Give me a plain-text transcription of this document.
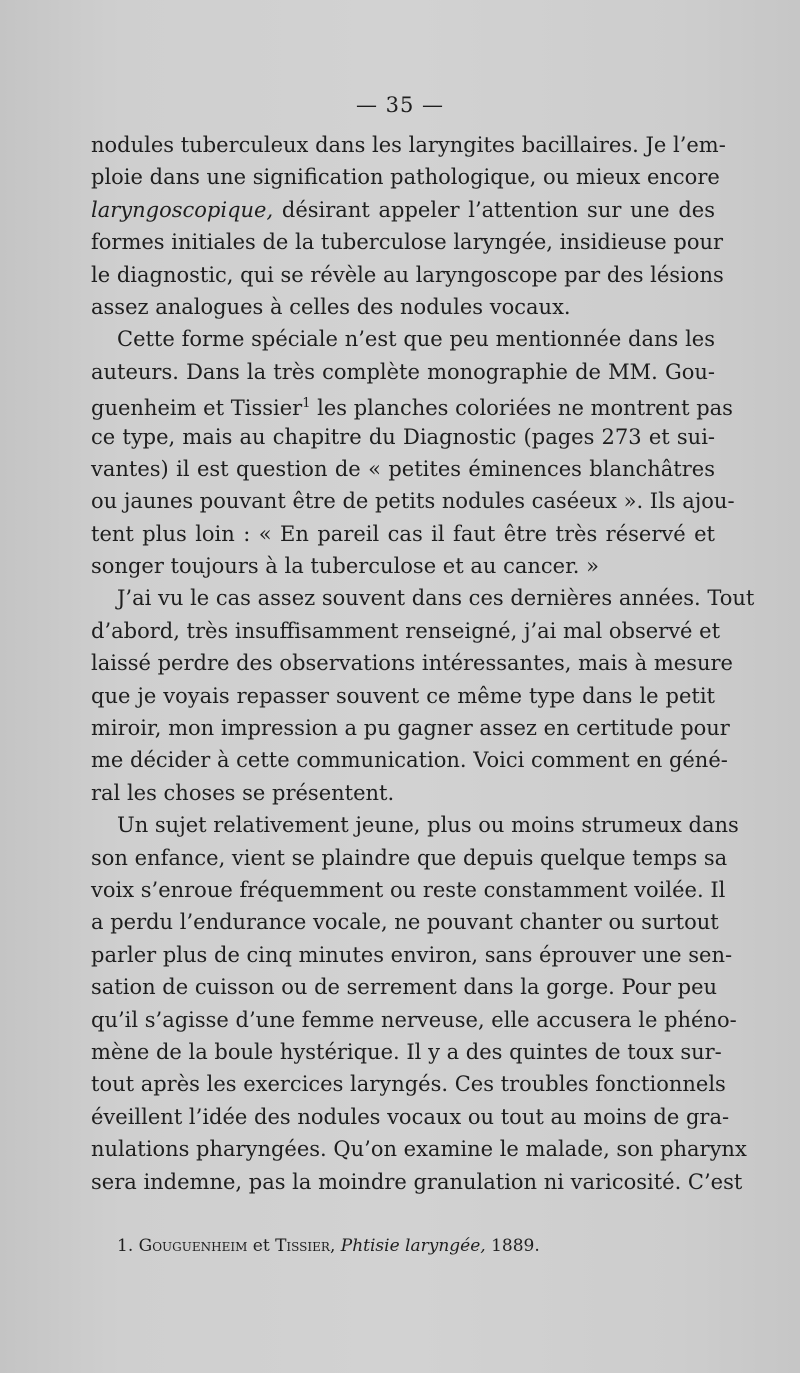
— 35 —
nodules tuberculeux dans les laryngites bacillaires. Je l’em-
ploie dans une signification pathologique, ou mieux encore
laryngoscopique, désirant appeler l’attention sur une des
formes initiales de la tuberculose laryngée, insidieuse pour
le diagnostic, qui se révèle au laryngoscope par des lésions
assez analogues à celles des nodules vocaux.
Cette forme spéciale n’est que peu mentionnée dans les
auteurs. Dans la très complète monographie de MM. Gou-
guenheim et Tissier$^1$ les planches coloriées ne montrent pas
ce type, mais au chapitre du Diagnostic (pages 273 et sui-
vantes) il est question de « petites éminences blanchâtres
ou jaunes pouvant être de petits nodules caséeux ». Ils ajou-
tent plus loin : « En pareil cas il faut être très réservé et
songer toujours à la tuberculose et au cancer. »
J’ai vu le cas assez souvent dans ces dernières années. Tout
d’abord, très insuffisamment renseigné, j’ai mal observé et
laissé perdre des observations intéressantes, mais à mesure
que je voyais repasser souvent ce même type dans le petit
miroir, mon impression a pu gagner assez en certitude pour
me décider à cette communication. Voici comment en géné-
ral les choses se présentent.
Un sujet relativement jeune, plus ou moins strumeux dans
son enfance, vient se plaindre que depuis quelque temps sa
voix s’enroue fréquemment ou reste constamment voilée. Il
a perdu l’endurance vocale, ne pouvant chanter ou surtout
parler plus de cinq minutes environ, sans éprouver une sen-
sation de cuisson ou de serrement dans la gorge. Pour peu
qu’il s’agisse d’une femme nerveuse, elle accusera le phéno-
mène de la boule hystérique. Il y a des quintes de toux sur-
tout après les exercices laryngés. Ces troubles fonctionnels
éveillent l’idée des nodules vocaux ou tout au moins de gra-
nulations pharyngées. Qu’on examine le malade, son pharynx
sera indemne, pas la moindre granulation ni varicosité. C’est
1. Gouguenheim et Tissier, Phtisie laryngée, 1889.
